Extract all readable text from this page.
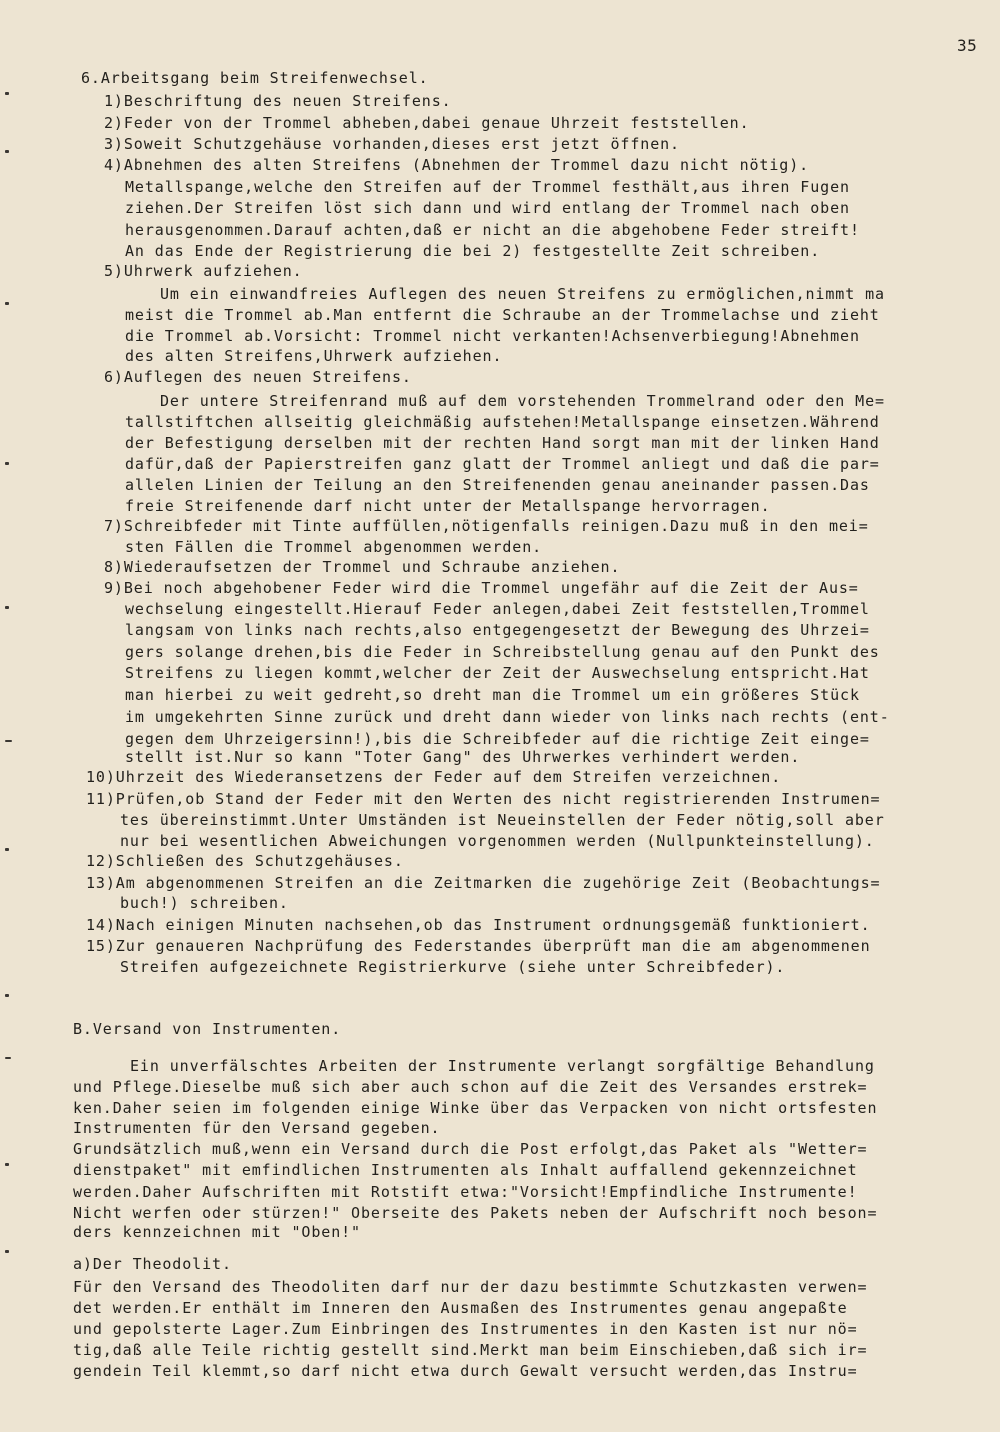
35
6.Arbeitsgang beim Streifenwechsel.
1)Beschriftung des neuen Streifens.
2)Feder von der Trommel abheben,dabei genaue Uhrzeit feststellen.
3)Soweit Schutzgehäuse vorhanden,dieses erst jetzt öffnen.
4)Abnehmen des alten Streifens (Abnehmen der Trommel dazu nicht nötig).
Metallspange,welche den Streifen auf der Trommel festhält,aus ihren Fugen
ziehen.Der Streifen löst sich dann und wird entlang der Trommel nach oben
herausgenommen.Darauf achten,daß er nicht an die abgehobene Feder streift!
An das Ende der Registrierung die bei 2) festgestellte Zeit schreiben.
5)Uhrwerk aufziehen.
Um ein einwandfreies Auflegen des neuen Streifens zu ermöglichen,nimmt ma
meist die Trommel ab.Man entfernt die Schraube an der Trommelachse und zieht
die Trommel ab.Vorsicht: Trommel nicht verkanten!Achsenverbiegung!Abnehmen
des alten Streifens,Uhrwerk aufziehen.
6)Auflegen des neuen Streifens.
Der untere Streifenrand muß auf dem vorstehenden Trommelrand oder den Me=
tallstiftchen allseitig gleichmäßig aufstehen!Metallspange einsetzen.Während
der Befestigung derselben mit der rechten Hand sorgt man mit der linken Hand
dafür,daß der Papierstreifen ganz glatt der Trommel anliegt und daß die par=
allelen Linien der Teilung an den Streifenenden genau aneinander passen.Das
freie Streifenende darf nicht unter der Metallspange hervorragen.
7)Schreibfeder mit Tinte auffüllen,nötigenfalls reinigen.Dazu muß in den mei=
sten Fällen die Trommel abgenommen werden.
8)Wiederaufsetzen der Trommel und Schraube anziehen.
9)Bei noch abgehobener Feder wird die Trommel ungefähr auf die Zeit der Aus=
wechselung eingestellt.Hierauf Feder anlegen,dabei Zeit feststellen,Trommel
langsam von links nach rechts,also entgegengesetzt der Bewegung des Uhrzei=
gers solange drehen,bis die Feder in Schreibstellung genau auf den Punkt des
Streifens zu liegen kommt,welcher der Zeit der Auswechselung entspricht.Hat
man hierbei zu weit gedreht,so dreht man die Trommel um ein größeres Stück
im umgekehrten Sinne zurück und dreht dann wieder von links nach rechts (ent-
gegen dem Uhrzeigersinn!),bis die Schreibfeder auf die richtige Zeit einge=
stellt ist.Nur so kann "Toter Gang" des Uhrwerkes verhindert werden.
10)Uhrzeit des Wiederansetzens der Feder auf dem Streifen verzeichnen.
11)Prüfen,ob Stand der Feder mit den Werten des nicht registrierenden Instrumen=
tes übereinstimmt.Unter Umständen ist Neueinstellen der Feder nötig,soll aber
nur bei wesentlichen Abweichungen vorgenommen werden (Nullpunkteinstellung).
12)Schließen des Schutzgehäuses.
13)Am abgenommenen Streifen an die Zeitmarken die zugehörige Zeit (Beobachtungs=
buch!) schreiben.
14)Nach einigen Minuten nachsehen,ob das Instrument ordnungsgemäß funktioniert.
15)Zur genaueren Nachprüfung des Federstandes überprüft man die am abgenommenen
Streifen aufgezeichnete Registrierkurve (siehe unter Schreibfeder).
B.Versand von Instrumenten.
Ein unverfälschtes Arbeiten der Instrumente verlangt sorgfältige Behandlung
und Pflege.Dieselbe muß sich aber auch schon auf die Zeit des Versandes erstrek=
ken.Daher seien im folgenden einige Winke über das Verpacken von nicht ortsfesten
Instrumenten für den Versand gegeben.
Grundsätzlich muß,wenn ein Versand durch die Post erfolgt,das Paket als "Wetter=
dienstpaket" mit emfindlichen Instrumenten als Inhalt auffallend gekennzeichnet
werden.Daher Aufschriften mit Rotstift etwa:"Vorsicht!Empfindliche Instrumente!
Nicht werfen oder stürzen!" Oberseite des Pakets neben der Aufschrift noch beson=
ders kennzeichnen mit "Oben!"
a)Der Theodolit.
Für den Versand des Theodoliten darf nur der dazu bestimmte Schutzkasten verwen=
det werden.Er enthält im Inneren den Ausmaßen des Instrumentes genau angepaßte
und gepolsterte Lager.Zum Einbringen des Instrumentes in den Kasten ist nur nö=
tig,daß alle Teile richtig gestellt sind.Merkt man beim Einschieben,daß sich ir=
gendein Teil klemmt,so darf nicht etwa durch Gewalt versucht werden,das Instru=
